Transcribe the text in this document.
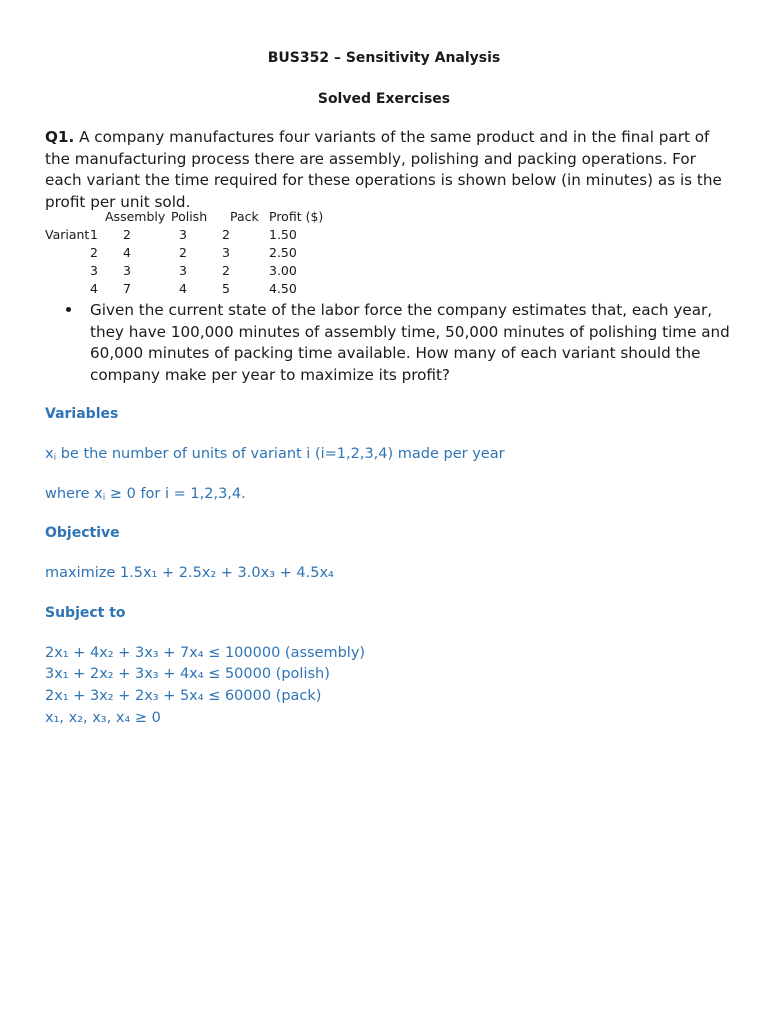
BUS352 – Sensitivity Analysis
Solved Exercises
Q1. A company manufactures four variants of the same product and in the final part of the manufacturing process there are assembly, polishing and packing operations. For each variant the time required for these operations is shown below (in minutes) as is the profit per unit sold.
Assembly Polish Pack Profit ($)
Variant 1 2	3	2	1.50
2 4	2	3	2.50
3 3	3	2	3.00
4 7	4	5	4.50
Given the current state of the labor force the company estimates that, each year, they have 100,000 minutes of assembly time, 50,000 minutes of polishing time and 60,000 minutes of packing time available. How many of each variant should the company make per year to maximize its profit?
Variables
$x_i$ be the number of units of variant i (i=1,2,3,4) made per year
where $x_i \ge 0$ for i = 1,2,3,4.
Objective
maximize 1.5x₁ + 2.5x₂ + 3.0x₃ + 4.5x₄
Subject to
2x₁ + 4x₂ + 3x₃ + 7x₄ ≤ 100000 (assembly)
3x₁ + 2x₂ + 3x₃ + 4x₄ ≤ 50000 (polish)
2x₁ + 3x₂ + 2x₃ + 5x₄ ≤ 60000 (pack)
x₁, x₂, x₃, x₄ ≥ 0
